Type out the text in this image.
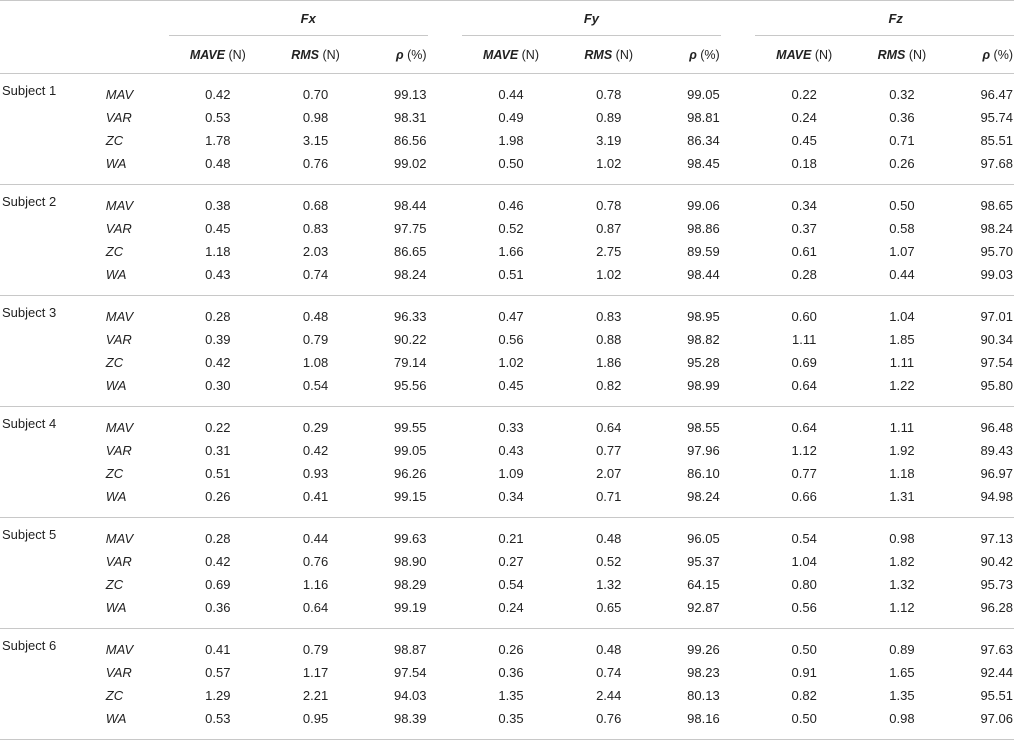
		Fx				Fy				Fz		
		MAVE (N)	RMS (N)	ρ (%)		MAVE (N)	RMS (N)	ρ (%)		MAVE (N)	RMS (N)	ρ (%)
Subject 1	MAV	0.42	0.70	99.13		0.44	0.78	99.05		0.22	0.32	96.47
	VAR	0.53	0.98	98.31		0.49	0.89	98.81		0.24	0.36	95.74
	ZC	1.78	3.15	86.56		1.98	3.19	86.34		0.45	0.71	85.51
	WA	0.48	0.76	99.02		0.50	1.02	98.45		0.18	0.26	97.68
Subject 2	MAV	0.38	0.68	98.44		0.46	0.78	99.06		0.34	0.50	98.65
	VAR	0.45	0.83	97.75		0.52	0.87	98.86		0.37	0.58	98.24
	ZC	1.18	2.03	86.65		1.66	2.75	89.59		0.61	1.07	95.70
	WA	0.43	0.74	98.24		0.51	1.02	98.44		0.28	0.44	99.03
Subject 3	MAV	0.28	0.48	96.33		0.47	0.83	98.95		0.60	1.04	97.01
	VAR	0.39	0.79	90.22		0.56	0.88	98.82		1.11	1.85	90.34
	ZC	0.42	1.08	79.14		1.02	1.86	95.28		0.69	1.11	97.54
	WA	0.30	0.54	95.56		0.45	0.82	98.99		0.64	1.22	95.80
Subject 4	MAV	0.22	0.29	99.55		0.33	0.64	98.55		0.64	1.11	96.48
	VAR	0.31	0.42	99.05		0.43	0.77	97.96		1.12	1.92	89.43
	ZC	0.51	0.93	96.26		1.09	2.07	86.10		0.77	1.18	96.97
	WA	0.26	0.41	99.15		0.34	0.71	98.24		0.66	1.31	94.98
Subject 5	MAV	0.28	0.44	99.63		0.21	0.48	96.05		0.54	0.98	97.13
	VAR	0.42	0.76	98.90		0.27	0.52	95.37		1.04	1.82	90.42
	ZC	0.69	1.16	98.29		0.54	1.32	64.15		0.80	1.32	95.73
	WA	0.36	0.64	99.19		0.24	0.65	92.87		0.56	1.12	96.28
Subject 6	MAV	0.41	0.79	98.87		0.26	0.48	99.26		0.50	0.89	97.63
	VAR	0.57	1.17	97.54		0.36	0.74	98.23		0.91	1.65	92.44
	ZC	1.29	2.21	94.03		1.35	2.44	80.13		0.82	1.35	95.51
	WA	0.53	0.95	98.39		0.35	0.76	98.16		0.50	0.98	97.06
